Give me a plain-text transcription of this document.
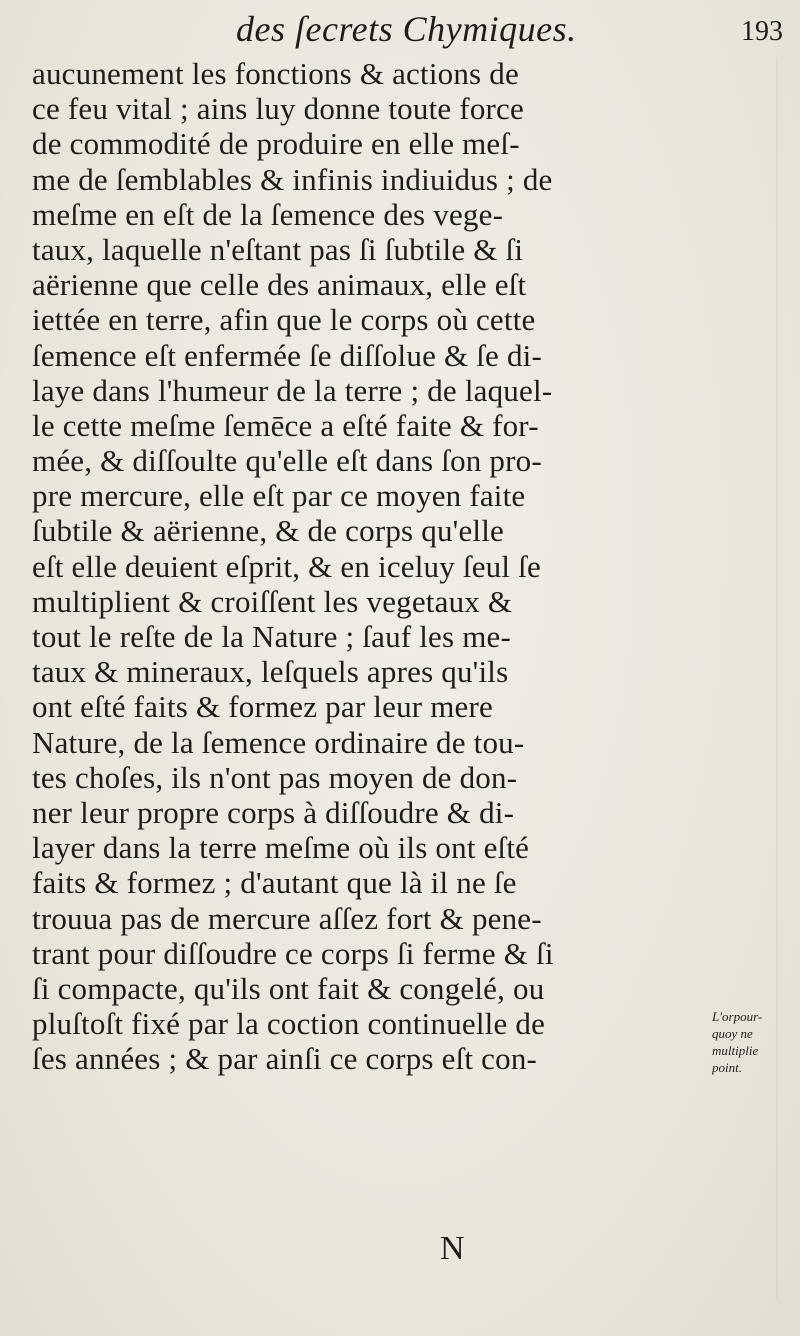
des ſecrets Chymiques.	193
aucunement les fonctions & actions de
ce feu vital ; ains luy donne toute force
de commodité de produire en elle meſ-
me de ſemblables & infinis indiuidus ; de
meſme en eſt de la ſemence des vege-
taux, laquelle n'eſtant pas ſi ſubtile & ſi
aërienne que celle des animaux, elle eſt
iettée en terre, afin que le corps où cette
ſemence eſt enfermée ſe diſſolue & ſe di-
laye dans l'humeur de la terre ; de laquel-
le cette meſme ſemēce a eſté faite & for-
mée, & diſſoulte qu'elle eſt dans ſon pro-
pre mercure, elle eſt par ce moyen faite
ſubtile & aërienne, & de corps qu'elle
eſt elle deuient eſprit, & en iceluy ſeul ſe
multiplient & croiſſent les vegetaux &
tout le reſte de la Nature ; ſauf les me-
taux & mineraux, leſquels apres qu'ils
ont eſté faits & formez par leur mere
Nature, de la ſemence ordinaire de tou-
tes choſes, ils n'ont pas moyen de don-
ner leur propre corps à diſſoudre & di-
layer dans la terre meſme où ils ont eſté
faits & formez ; d'autant que là il ne ſe
trouua pas de mercure aſſez fort & pene-
trant pour diſſoudre ce corps ſi ferme & ſi
ſi compacte, qu'ils ont fait & congelé, ou
pluſtoſt fixé par la coction continuelle de
ſes années ; & par ainſi ce corps eſt con-
L'orpour-
quoy ne
multiplie
point.
N
